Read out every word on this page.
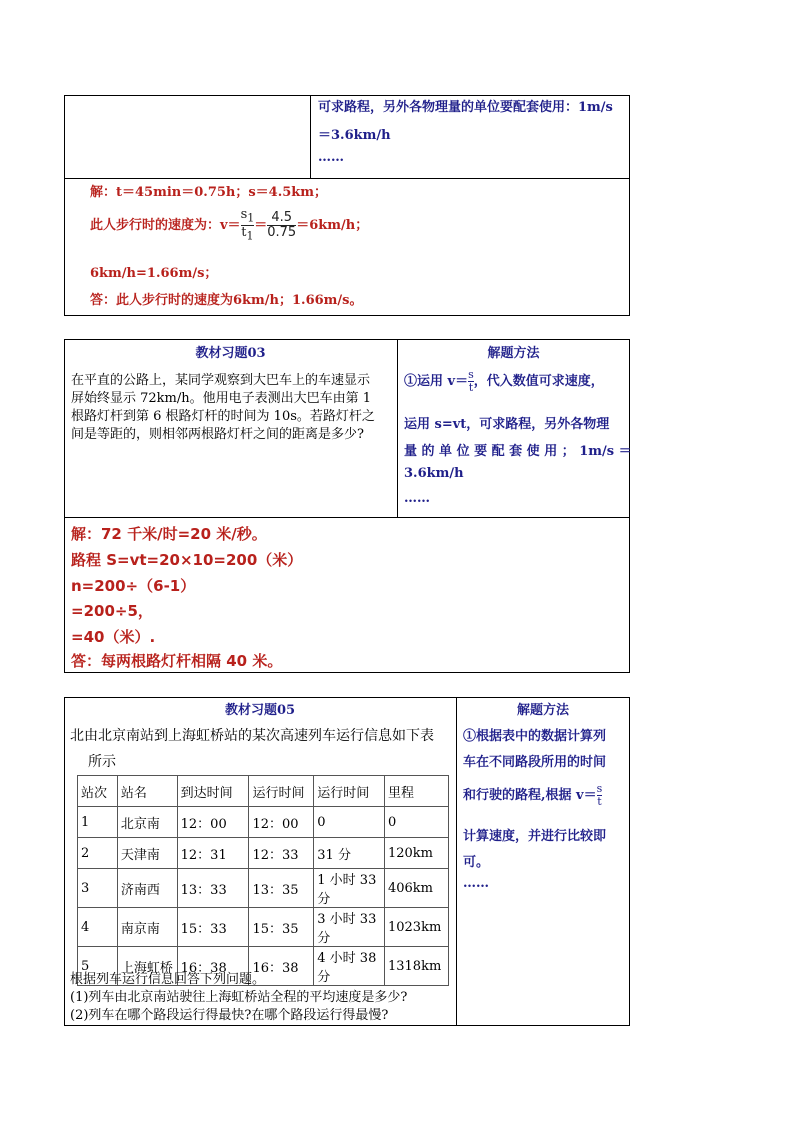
可求路程，另外各物理量的单位要配套使用：1m/s
＝3.6km/h
……
解：t＝45min＝0.75h；s＝4.5km；
此人步行时的速度为：$v= \frac{s_1}{t_1} = \frac{4.5}{0.75} =6km/h$；
6km/h=1.66m/s；
答：此人步行时的速度为6km/h；1.66m/s。
教材习题03	解题方法
在平直的公路上，某同学观察到大巴车上的车速显示
屏始终显示 72km/h。他用电子表测出大巴车由第 1
根路灯杆到第 6 根路灯杆的时间为 10s。若路灯杆之
间是等距的，则相邻两根路灯杆之间的距离是多少?
①运用 $v= \frac{s}{t}$ ，代入数值可求速度，
运用 s=vt，可求路程，另外各物理
量 的 单 位 要 配 套 使 用 ； 1m/s ＝
3.6km/h
……
解：72 千米/时=20 米/秒。
路程 S=vt=20×10=200（米）
n=200÷（6-1）
=200÷5，
=40（米）.
答：每两根路灯杆相隔 40 米。
教材习题05	解题方法
北由北京南站到上海虹桥站的某次高速列车运行信息如下表
所示
站次	站名	到达时间	运行时间	运行时间	里程
1	北京南	12：00	12：00	0	0
2	天津南	12：31	12：33	31 分	120km
3	济南西	13：33	13：35	1 小时 33 分	406km
4	南京南	15：33	15：35	3 小时 33 分	1023km
5	上海虹桥	16：38	16：38	4 小时 38 分	1318km
根据列车运行信息回答下列问题。
(1)列车由北京南站驶往上海虹桥站全程的平均速度是多少?
(2)列车在哪个路段运行得最快?在哪个路段运行得最慢?
①根据表中的数据计算列
车在不同路段所用的时间
和行驶的路程,根据 $v= \frac{s}{t}$
计算速度，并进行比较即
可。
……
